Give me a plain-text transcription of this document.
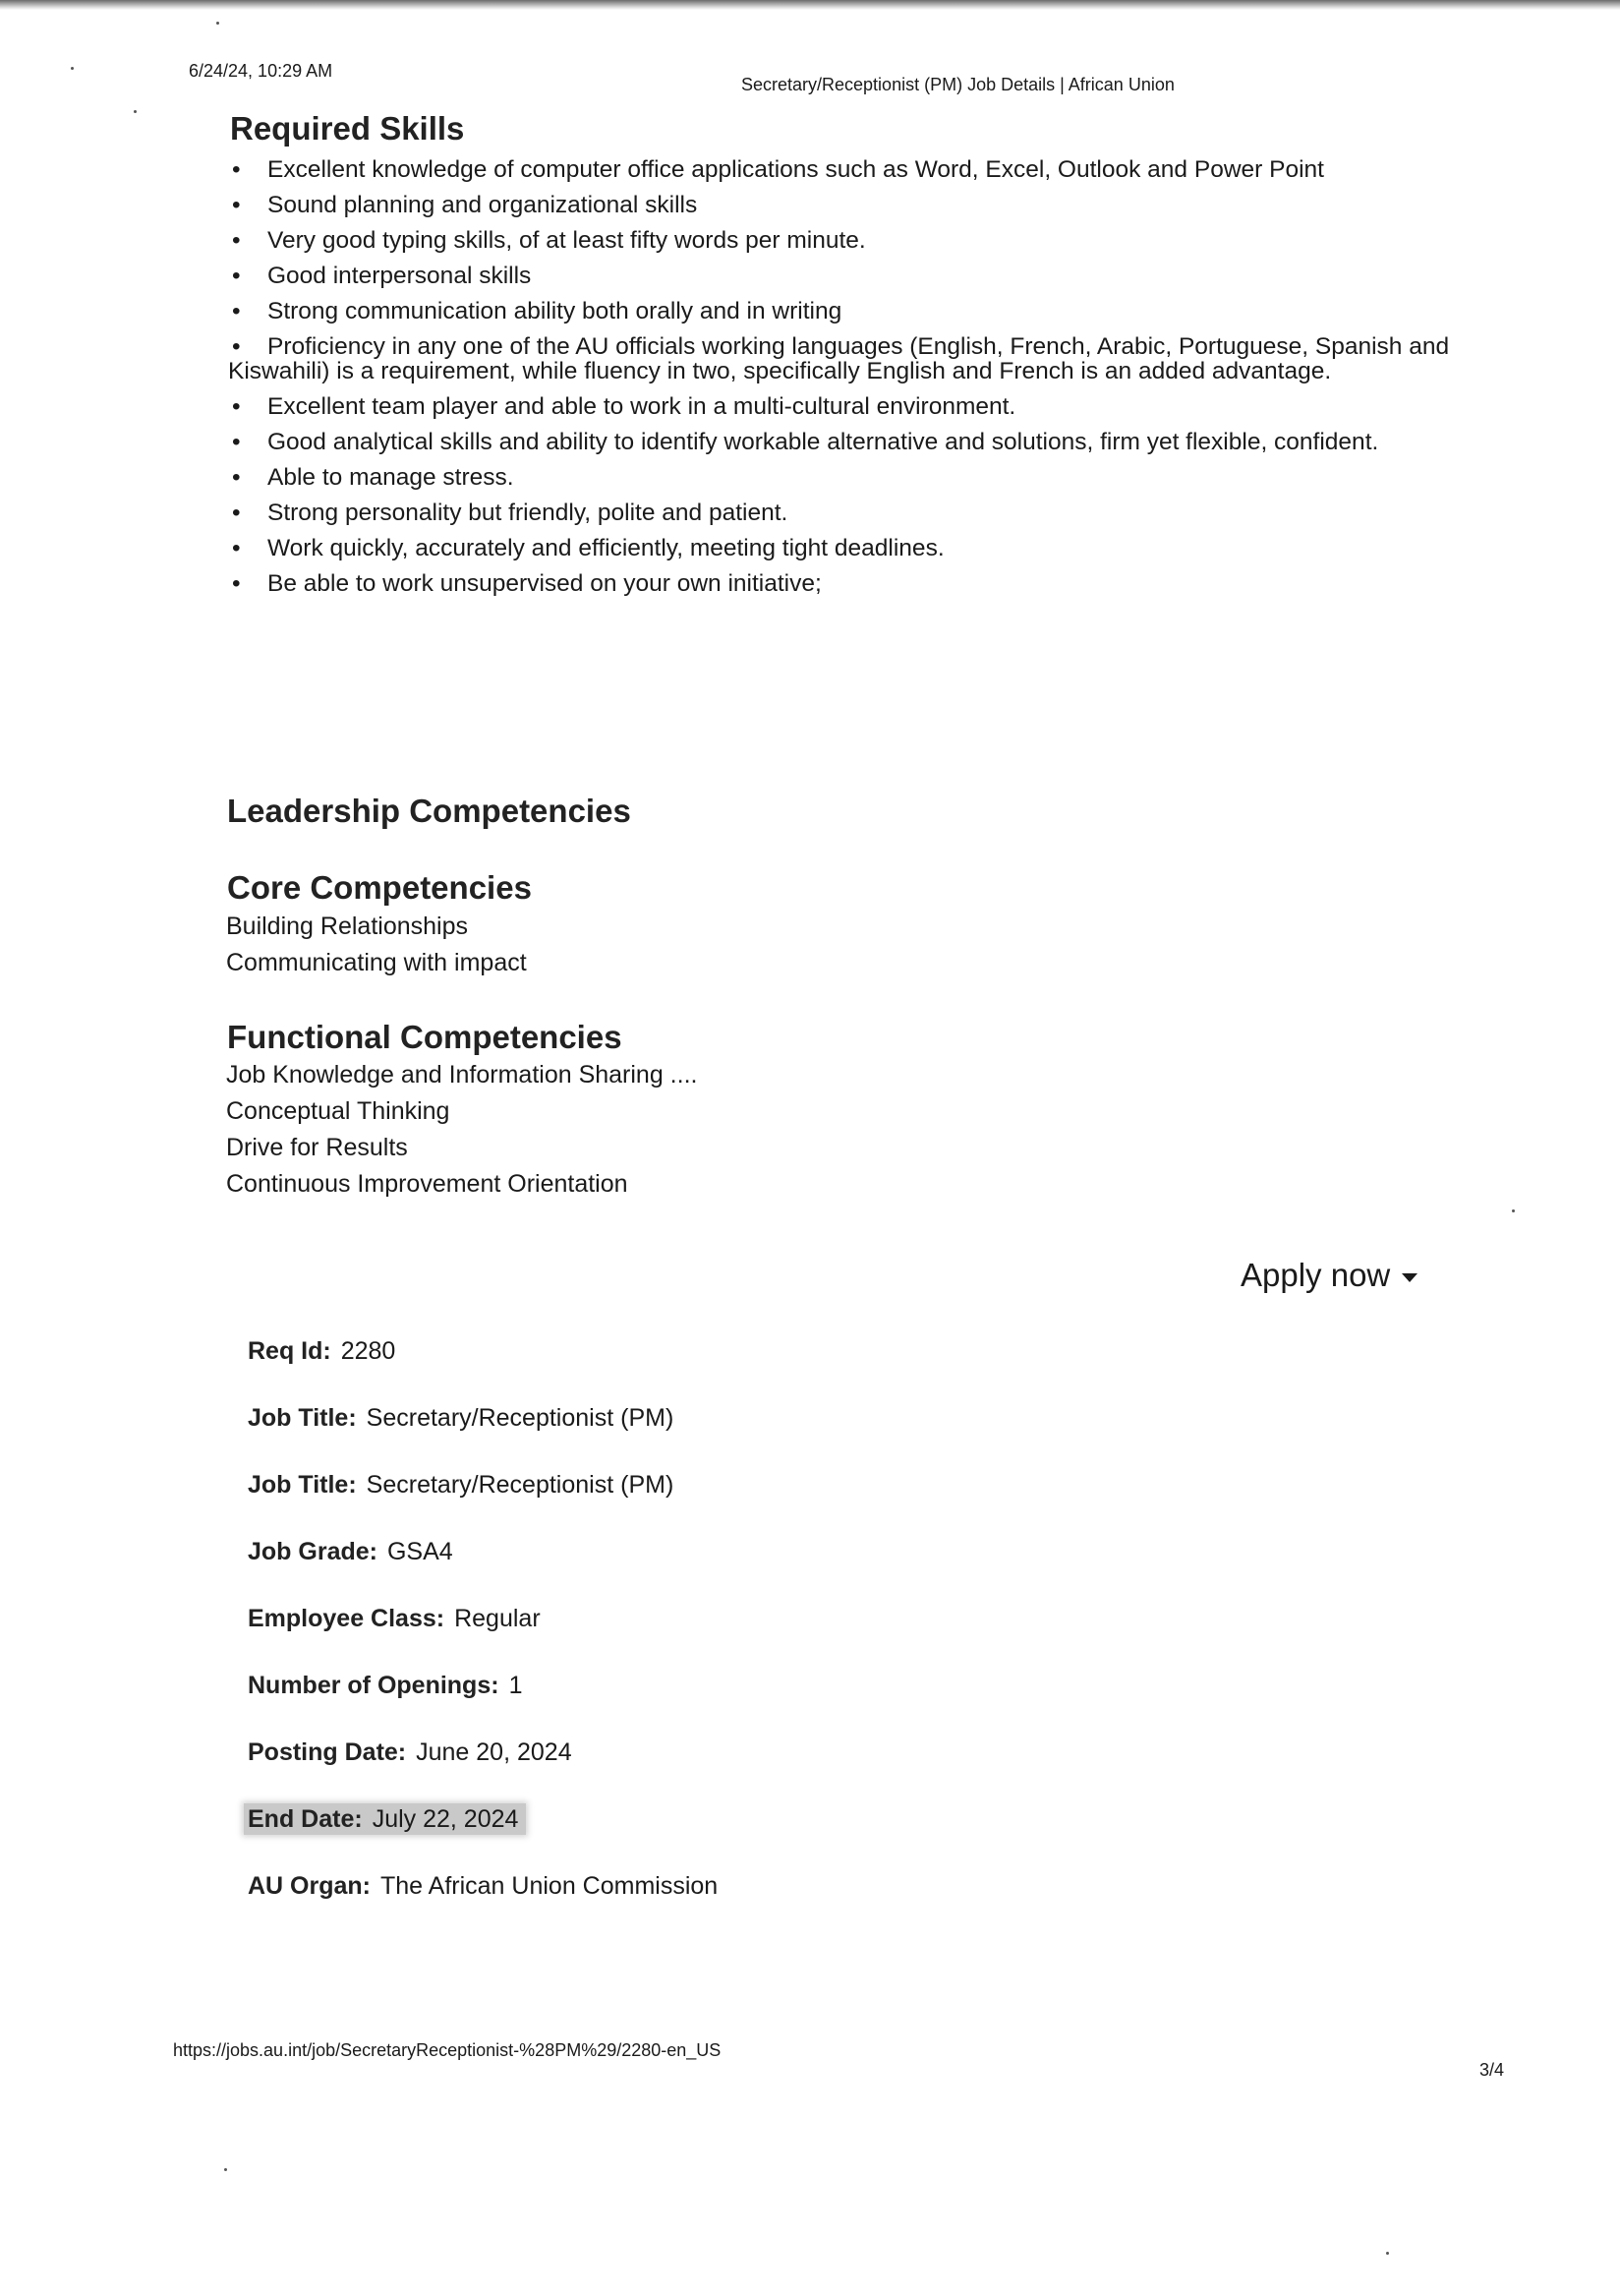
6/24/24, 10:29 AM
Secretary/Receptionist (PM) Job Details | African Union
Required Skills
• Excellent knowledge of computer office applications such as Word, Excel, Outlook and Power Point
• Sound planning and organizational skills
• Very good typing skills, of at least fifty words per minute.
• Good interpersonal skills
• Strong communication ability both orally and in writing
• Proficiency in any one of the AU officials working languages (English, French, Arabic, Portuguese, Spanish and Kiswahili) is a requirement, while fluency in two, specifically English and French is an added advantage.
• Excellent team player and able to work in a multi-cultural environment.
• Good analytical skills and ability to identify workable alternative and solutions, firm yet flexible, confident.
• Able to manage stress.
• Strong personality but friendly, polite and patient.
• Work quickly, accurately and efficiently, meeting tight deadlines.
• Be able to work unsupervised on your own initiative;
Leadership Competencies
Core Competencies
Building Relationships
Communicating with impact
Functional Competencies
Job Knowledge and Information Sharing ....
Conceptual Thinking
Drive for Results
Continuous Improvement Orientation
Apply now
Req Id: 2280
Job Title: Secretary/Receptionist (PM)
Job Title: Secretary/Receptionist (PM)
Job Grade: GSA4
Employee Class: Regular
Number of Openings: 1
Posting Date: June 20, 2024
End Date: July 22, 2024
AU Organ: The African Union Commission
https://jobs.au.int/job/SecretaryReceptionist-%28PM%29/2280-en_US
3/4
